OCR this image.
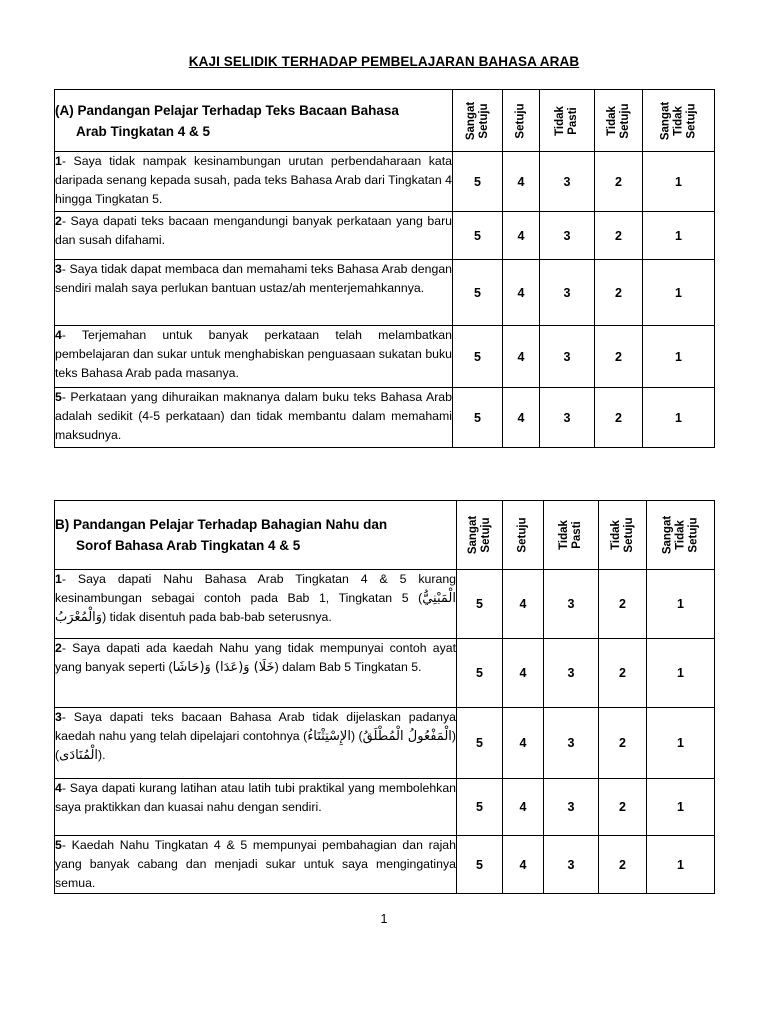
KAJI SELIDIK TERHADAP PEMBELAJARAN BAHASA ARAB
(A) Pandangan Pelajar Terhadap Teks Bacaan Bahasa
Arab Tingkatan 4 & 5	Sangat Setuju	Setuju	Tidak Pasti	Tidak Setuju	Sangat Tidak Setuju

1- Saya tidak nampak kesinambungan urutan perbendaharaan kata daripada senang kepada susah, pada teks Bahasa Arab dari Tingkatan 4 hingga Tingkatan 5.	5	4	3	2	1
2- Saya dapati teks bacaan mengandungi banyak perkataan yang baru dan susah difahami.	5	4	3	2	1
3- Saya tidak dapat membaca dan memahami teks Bahasa Arab dengan sendiri malah saya perlukan bantuan ustaz/ah menterjemahkannya.	5	4	3	2	1
4- Terjemahan untuk banyak perkataan telah melambatkan pembelajaran dan sukar untuk menghabiskan penguasaan sukatan buku teks Bahasa Arab pada masanya.	5	4	3	2	1
5- Perkataan yang dihuraikan maknanya dalam buku teks Bahasa Arab adalah sedikit (4-5 perkataan) dan tidak membantu dalam memahami maksudnya.	5	4	3	2	1
B) Pandangan Pelajar Terhadap Bahagian Nahu dan
Sorof Bahasa Arab Tingkatan 4 & 5	Sangat Setuju	Setuju	Tidak Pasti	Tidak Setuju	Sangat Tidak Setuju

1- Saya dapati Nahu Bahasa Arab Tingkatan 4 & 5 kurang kesinambungan sebagai contoh pada Bab 1, Tingkatan 5 (الْمَبْنِيُّ وَالْمُعْرَبُ) tidak disentuh pada bab-bab seterusnya.	5	4	3	2	1
2- Saya dapati ada kaedah Nahu yang tidak mempunyai contoh ayat yang banyak seperti (حَاشَا) وَ(عَدَا) وَ(خَلَا) dalam Bab 5 Tingkatan 5.	5	4	3	2	1
3- Saya dapati teks bacaan Bahasa Arab tidak dijelaskan padanya kaedah nahu yang telah dipelajari contohnya (الإِسْتِثْنَاءُ) (الْمَفْعُولُ الْمُطْلَقُ) (الْمُنَادَى).	5	4	3	2	1
4- Saya dapati kurang latihan atau latih tubi praktikal yang membolehkan saya praktikkan dan kuasai nahu dengan sendiri.	5	4	3	2	1
5- Kaedah Nahu Tingkatan 4 & 5 mempunyai pembahagian dan rajah yang banyak cabang dan menjadi sukar untuk saya mengingatinya semua.	5	4	3	2	1
1
